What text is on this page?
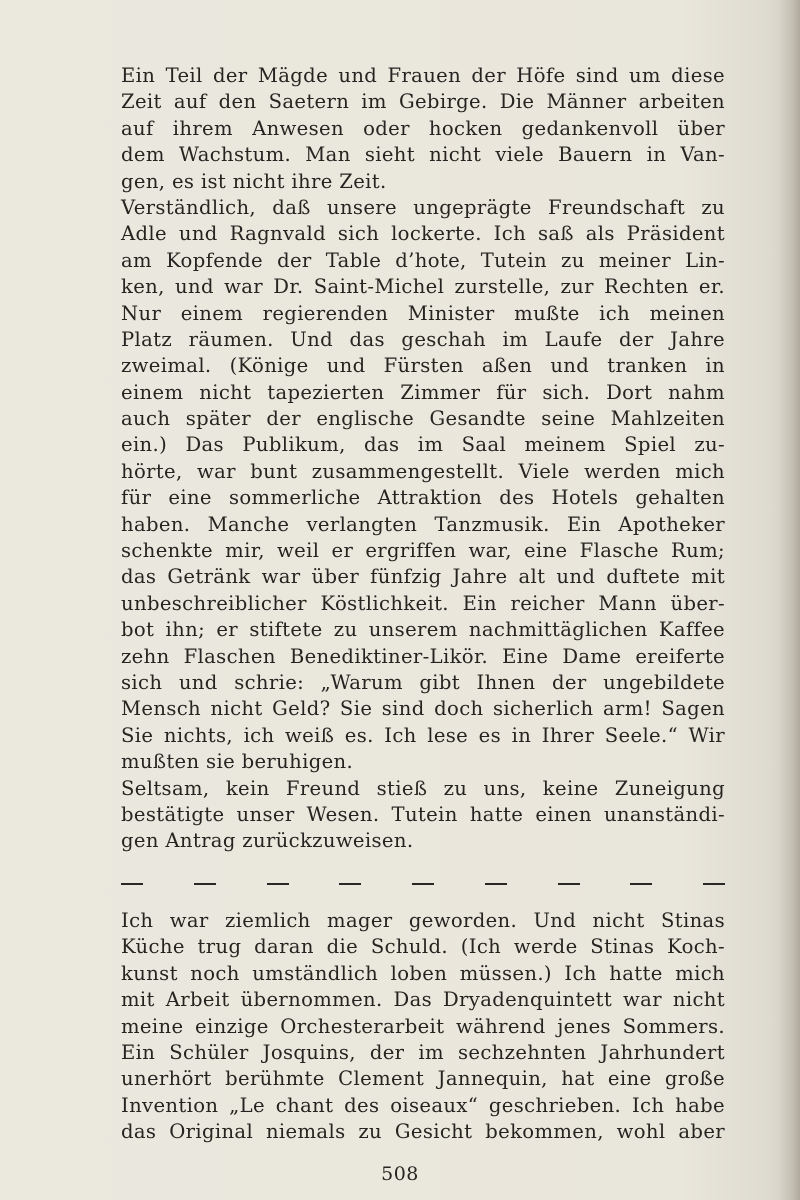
Ein Teil der Mägde und Frauen der Höfe sind um diese
Zeit auf den Saetern im Gebirge. Die Männer arbeiten
auf ihrem Anwesen oder hocken gedankenvoll über
dem Wachstum. Man sieht nicht viele Bauern in Van-
gen, es ist nicht ihre Zeit.
Verständlich, daß unsere ungeprägte Freundschaft zu
Adle und Ragnvald sich lockerte. Ich saß als Präsident
am Kopfende der Table d’hote, Tutein zu meiner Lin-
ken, und war Dr. Saint-Michel zurstelle, zur Rechten er.
Nur einem regierenden Minister mußte ich meinen
Platz räumen. Und das geschah im Laufe der Jahre
zweimal. (Könige und Fürsten aßen und tranken in
einem nicht tapezierten Zimmer für sich. Dort nahm
auch später der englische Gesandte seine Mahlzeiten
ein.) Das Publikum, das im Saal meinem Spiel zu-
hörte, war bunt zusammengestellt. Viele werden mich
für eine sommerliche Attraktion des Hotels gehalten
haben. Manche verlangten Tanzmusik. Ein Apotheker
schenkte mir, weil er ergriffen war, eine Flasche Rum;
das Getränk war über fünfzig Jahre alt und duftete mit
unbeschreiblicher Köstlichkeit. Ein reicher Mann über-
bot ihn; er stiftete zu unserem nachmittäglichen Kaffee
zehn Flaschen Benediktiner-Likör. Eine Dame ereiferte
sich und schrie: „Warum gibt Ihnen der ungebildete
Mensch nicht Geld? Sie sind doch sicherlich arm! Sagen
Sie nichts, ich weiß es. Ich lese es in Ihrer Seele.“ Wir
mußten sie beruhigen.
Seltsam, kein Freund stieß zu uns, keine Zuneigung
bestätigte unser Wesen. Tutein hatte einen unanständi-
gen Antrag zurückzuweisen.
Ich war ziemlich mager geworden. Und nicht Stinas
Küche trug daran die Schuld. (Ich werde Stinas Koch-
kunst noch umständlich loben müssen.) Ich hatte mich
mit Arbeit übernommen. Das Dryadenquintett war nicht
meine einzige Orchesterarbeit während jenes Sommers.
Ein Schüler Josquins, der im sechzehnten Jahrhundert
unerhört berühmte Clement Jannequin, hat eine große
Invention „Le chant des oiseaux“ geschrieben. Ich habe
das Original niemals zu Gesicht bekommen, wohl aber
508
